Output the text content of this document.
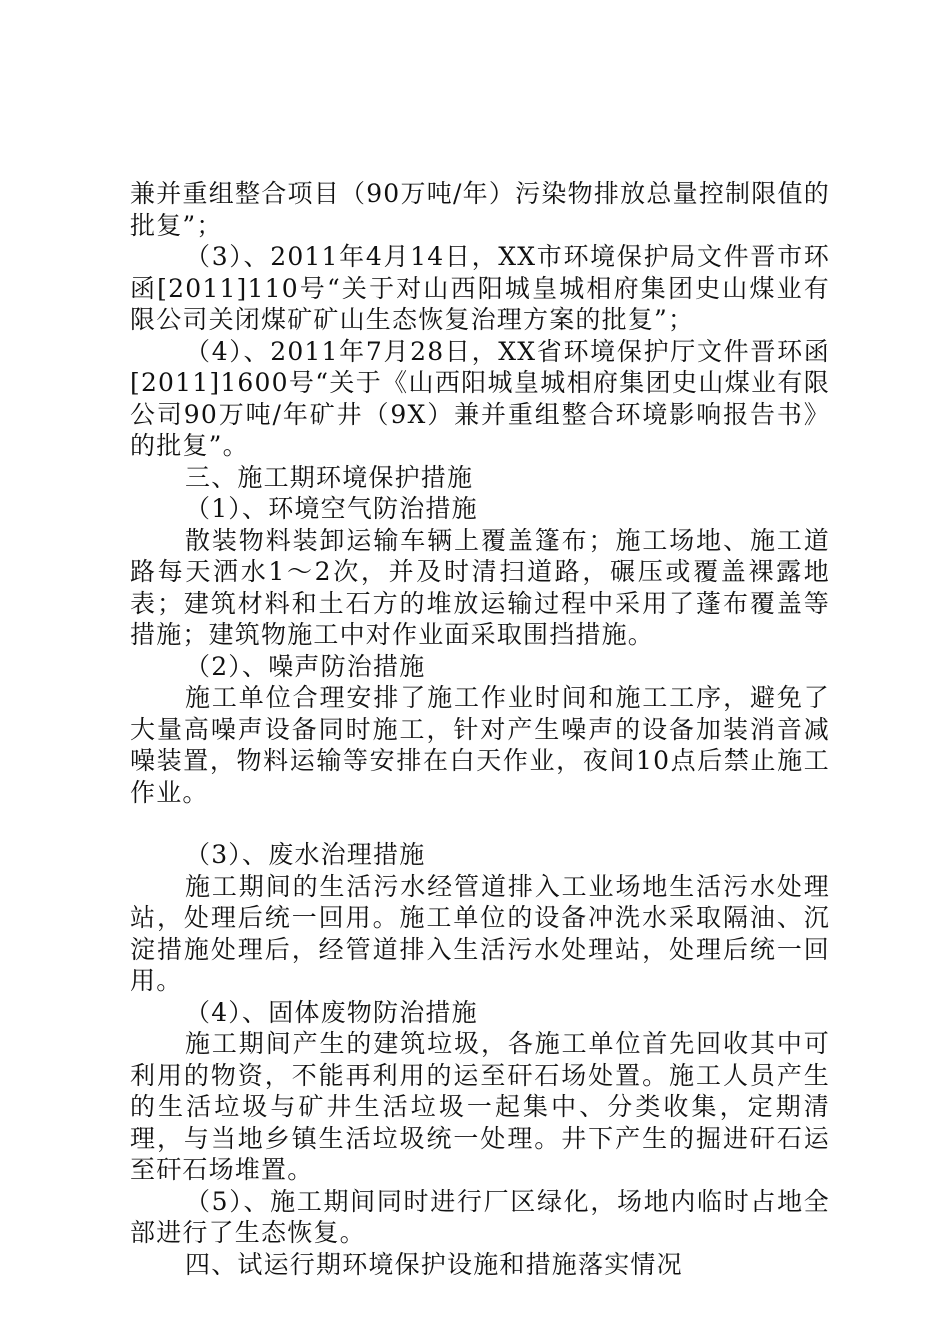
兼并重组整合项目（90万吨/年）污染物排放总量控制限值的批复”；

（3）、2011年4月14日，XX市环境保护局文件晋市环函[2011]110号“关于对山西阳城皇城相府集团史山煤业有限公司关闭煤矿矿山生态恢复治理方案的批复”；

（4）、2011年7月28日，XX省环境保护厅文件晋环函[2011]1600号“关于《山西阳城皇城相府集团史山煤业有限公司90万吨/年矿井（9X）兼并重组整合环境影响报告书》的批复”。

三、施工期环境保护措施

（1）、环境空气防治措施

散装物料装卸运输车辆上覆盖篷布；施工场地、施工道路每天洒水1～2次，并及时清扫道路，碾压或覆盖裸露地表；建筑材料和土石方的堆放运输过程中采用了蓬布覆盖等措施；建筑物施工中对作业面采取围挡措施。

（2）、噪声防治措施

施工单位合理安排了施工作业时间和施工工序，避免了大量高噪声设备同时施工，针对产生噪声的设备加装消音减噪装置，物料运输等安排在白天作业，夜间10点后禁止施工作业。

（3）、废水治理措施

施工期间的生活污水经管道排入工业场地生活污水处理站，处理后统一回用。施工单位的设备冲洗水采取隔油、沉淀措施处理后，经管道排入生活污水处理站，处理后统一回用。

（4）、固体废物防治措施

施工期间产生的建筑垃圾，各施工单位首先回收其中可利用的物资，不能再利用的运至矸石场处置。施工人员产生的生活垃圾与矿井生活垃圾一起集中、分类收集，定期清理，与当地乡镇生活垃圾统一处理。井下产生的掘进矸石运至矸石场堆置。

（5）、施工期间同时进行厂区绿化，场地内临时占地全部进行了生态恢复。

四、试运行期环境保护设施和措施落实情况
